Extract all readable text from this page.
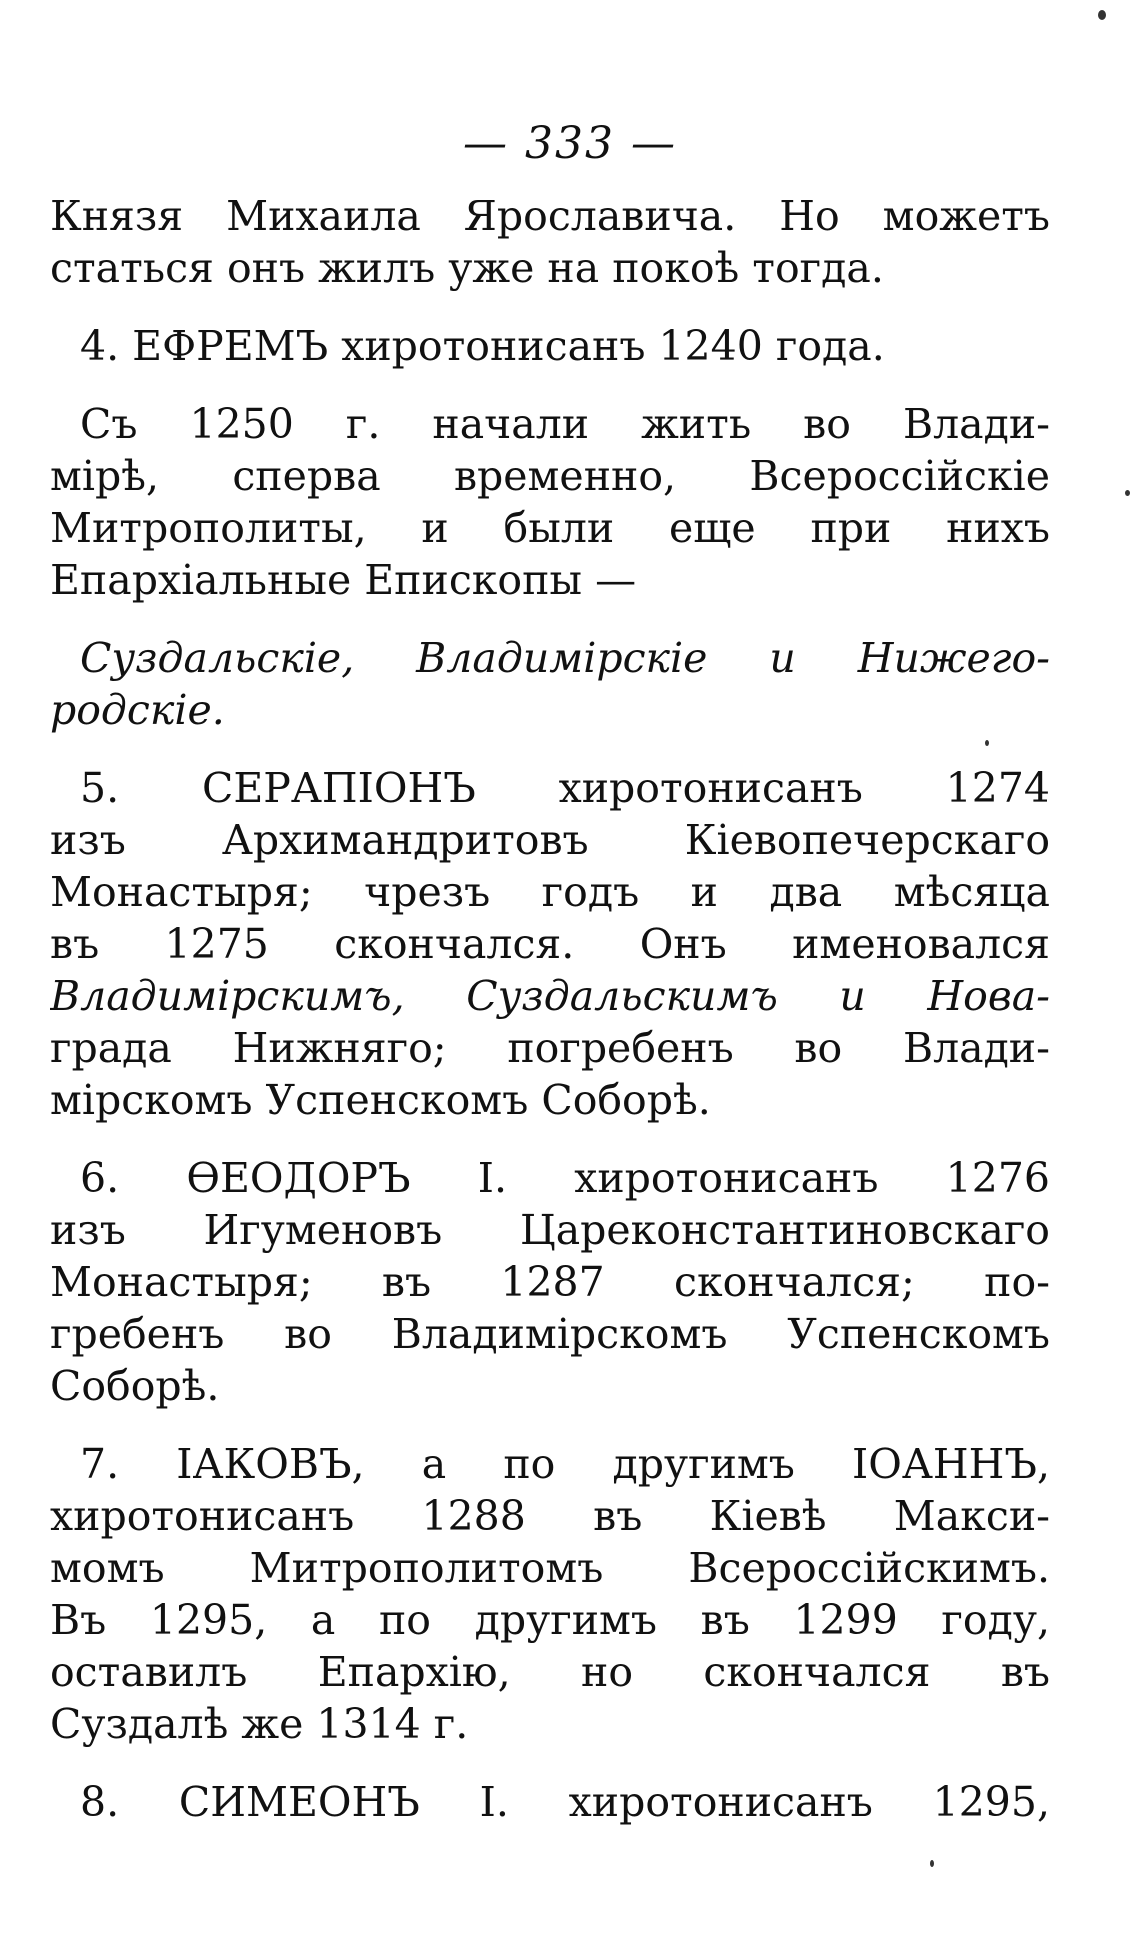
— 333 —
Князя Михаила Ярославича. Но можетъ
статься онъ жилъ уже на покоѣ тогда.
4. ЕФРЕМЪ хиротонисанъ 1240 года.
Съ 1250 г. начали жить во Влади-
мірѣ, сперва временно, Всероссійскіе
Митрополиты, и были еще при нихъ
Епархіальные Епископы —
Суздальскіе, Владимірскіе и Нижего-
родскіе.
5. СЕРАПІОНЪ хиротонисанъ 1274
изъ Архимандритовъ Кіевопечерскаго
Монастыря; чрезъ годъ и два мѣсяца
въ 1275 скончался. Онъ именовался
Владимірскимъ, Суздальскимъ и Нова-
града Нижняго; погребенъ во Влади-
мірскомъ Успенскомъ Соборѣ.
6. ѲЕОДОРЪ I. хиротонисанъ 1276
изъ Игуменовъ Цареконстантиновскаго
Монастыря; въ 1287 скончался; по-
гребенъ во Владимірскомъ Успенскомъ
Соборѣ.
7. ІАКОВЪ, а по другимъ ІОАННЪ,
хиротонисанъ 1288 въ Кіевѣ Макси-
момъ Митрополитомъ Всероссійскимъ.
Въ 1295, а по другимъ въ 1299 году,
оставилъ Епархію, но скончался въ
Суздалѣ же 1314 г.
8. СИМЕОНЪ I. хиротонисанъ 1295,
